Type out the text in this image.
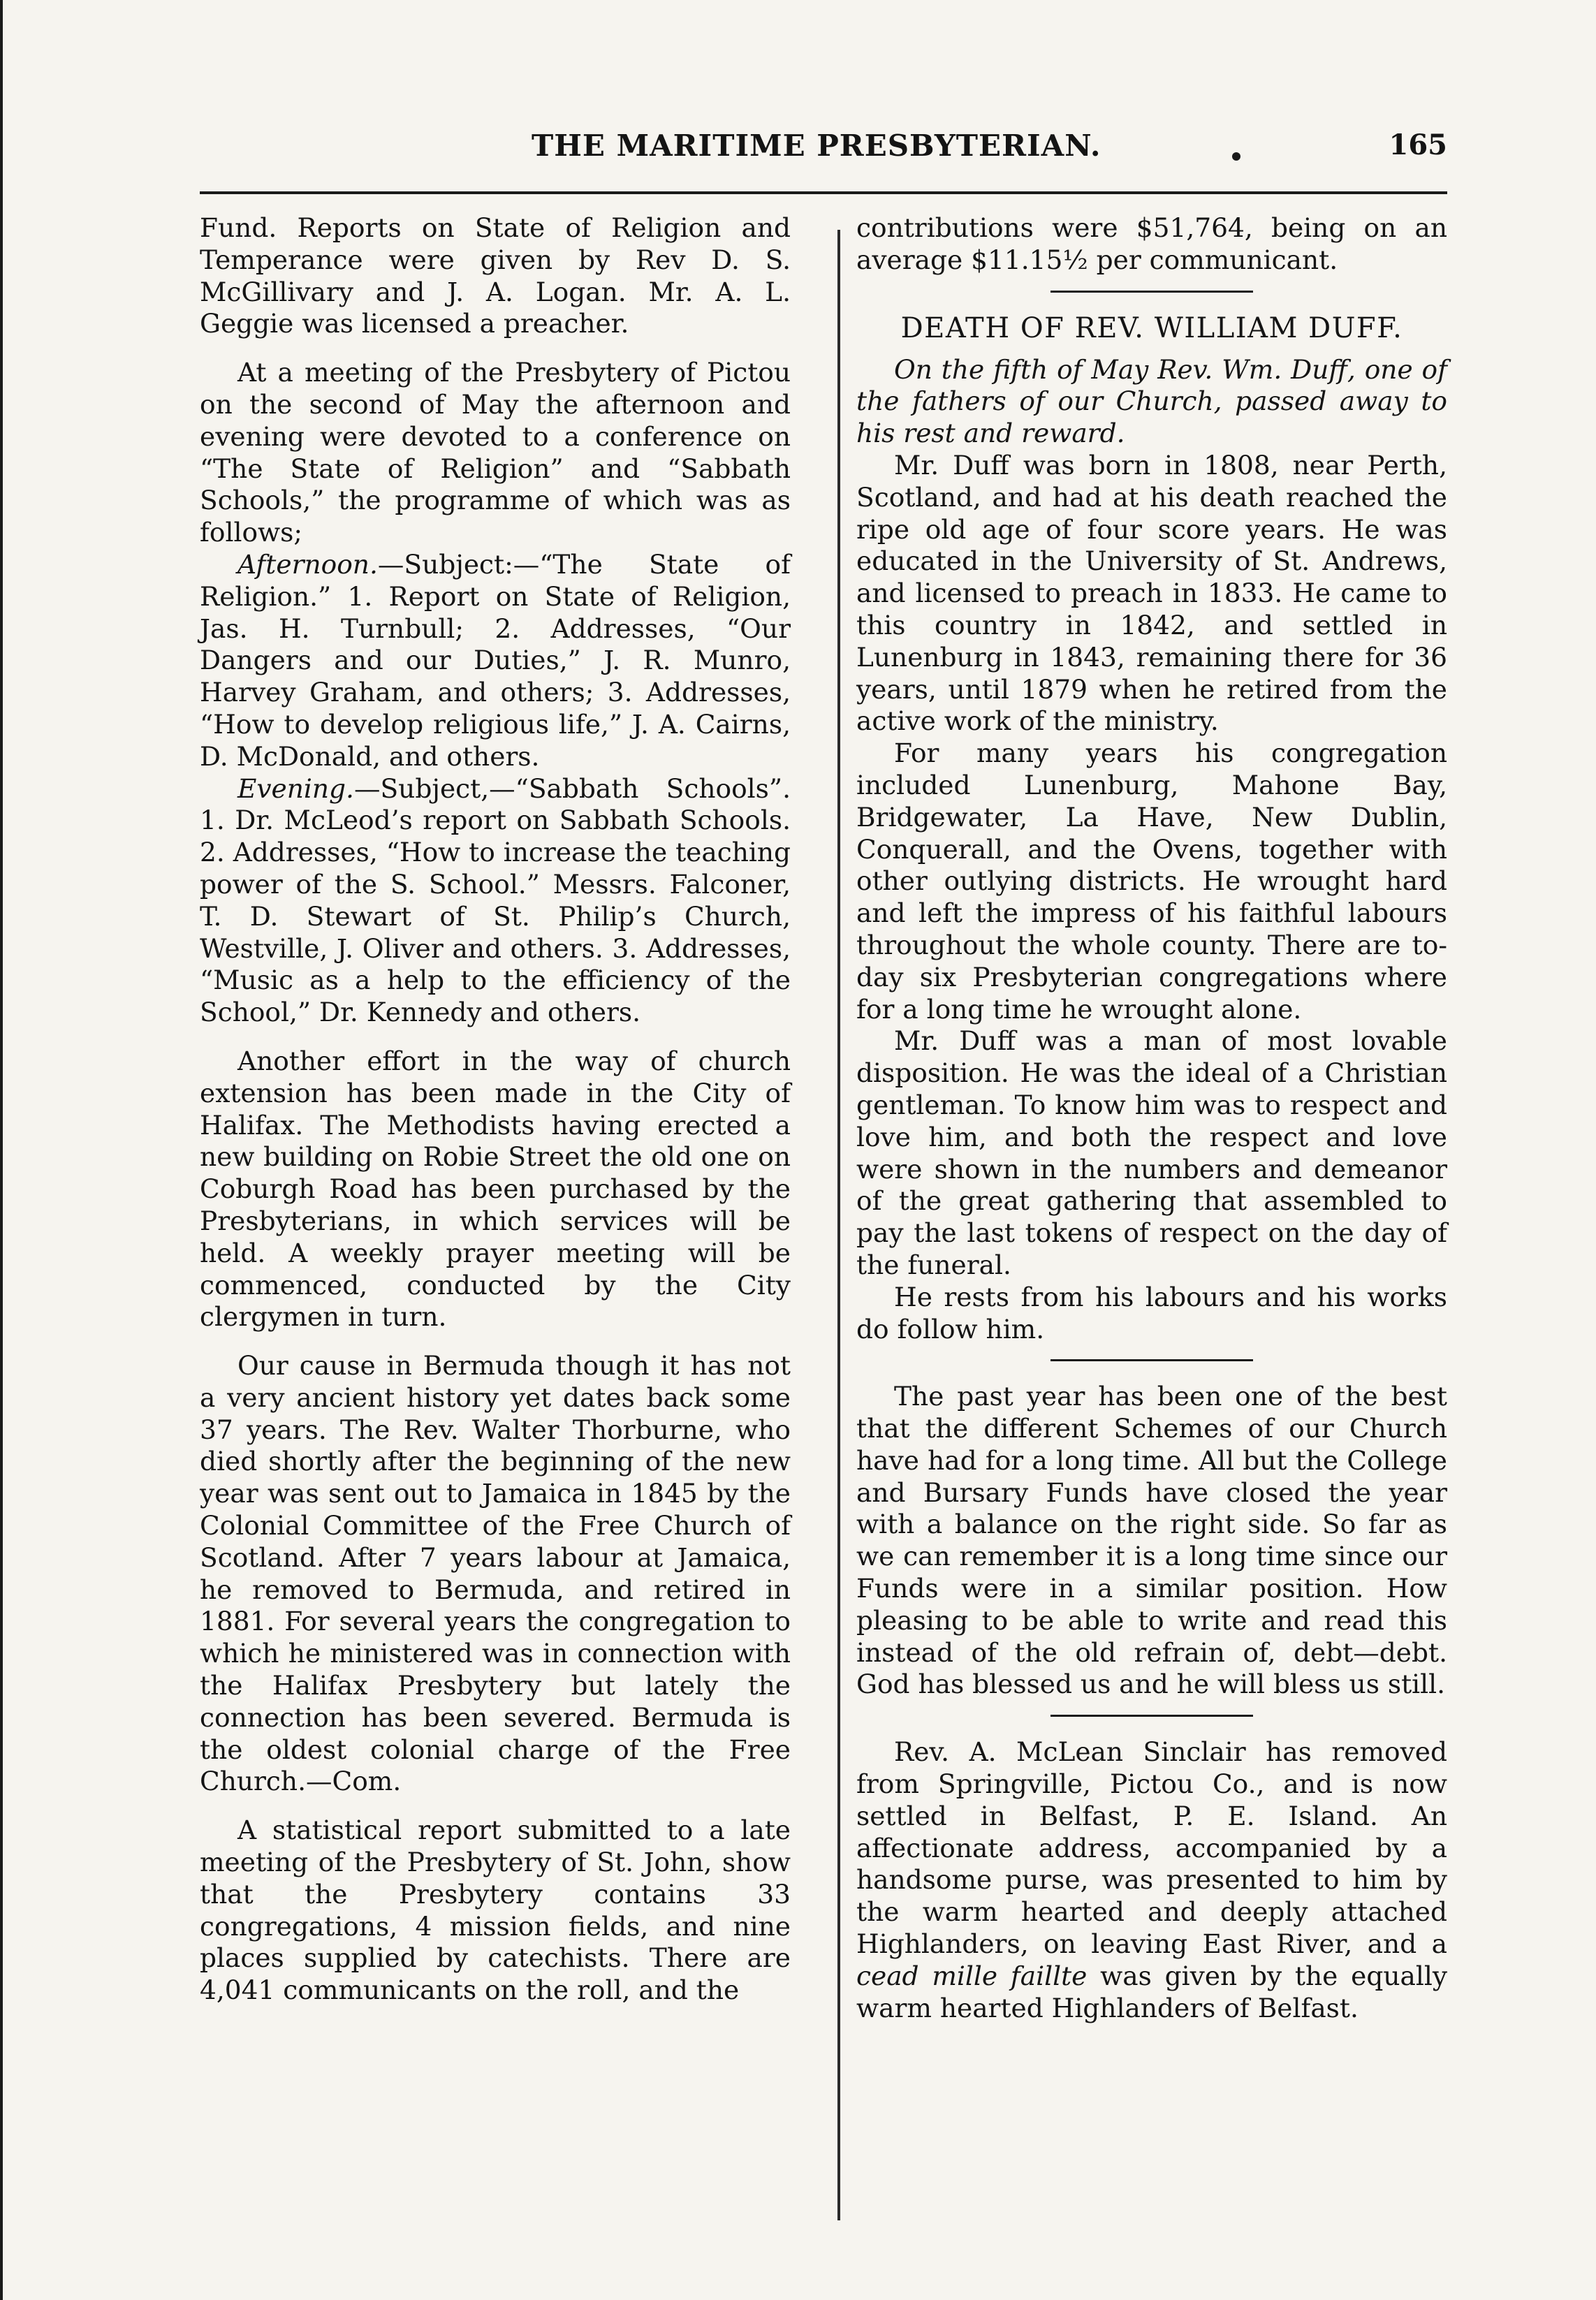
THE MARITIME PRESBYTERIAN.	165

Fund. Reports on State of Religion and Temperance were given by Rev D. S. McGillivary and J. A. Logan. Mr. A. L. Geggie was licensed a preacher.

At a meeting of the Presbytery of Pictou on the second of May the afternoon and evening were devoted to a conference on “The State of Religion” and “Sabbath Schools,” the programme of which was as follows;

Afternoon.—Subject:—“The State of Religion.” 1. Report on State of Religion, Jas. H. Turnbull; 2. Addresses, “Our Dangers and our Duties,” J. R. Munro, Harvey Graham, and others; 3. Addresses, “How to develop religious life,” J. A. Cairns, D. McDonald, and others.

Evening.—Subject,—“Sabbath Schools”. 1. Dr. McLeod’s report on Sabbath Schools. 2. Addresses, “How to increase the teaching power of the S. School.” Messrs. Falconer, T. D. Stewart of St. Philip’s Church, Westville, J. Oliver and others. 3. Addresses, “Music as a help to the efficiency of the School,” Dr. Kennedy and others.

Another effort in the way of church extension has been made in the City of Halifax. The Methodists having erected a new building on Robie Street the old one on Coburgh Road has been purchased by the Presbyterians, in which services will be held. A weekly prayer meeting will be commenced, conducted by the City clergymen in turn.

Our cause in Bermuda though it has not a very ancient history yet dates back some 37 years. The Rev. Walter Thorburne, who died shortly after the beginning of the new year was sent out to Jamaica in 1845 by the Colonial Committee of the Free Church of Scotland. After 7 years labour at Jamaica, he removed to Bermuda, and retired in 1881. For several years the congregation to which he ministered was in connection with the Halifax Presbytery but lately the connection has been severed. Bermuda is the oldest colonial charge of the Free Church.—Com.

A statistical report submitted to a late meeting of the Presbytery of St. John, show that the Presbytery contains 33 congregations, 4 mission fields, and nine places supplied by catechists. There are 4,041 communicants on the roll, and the

contributions were $51,764, being on an average $11.15½ per communicant.

DEATH OF REV. WILLIAM DUFF.

On the fifth of May Rev. Wm. Duff, one of the fathers of our Church, passed away to his rest and reward.

Mr. Duff was born in 1808, near Perth, Scotland, and had at his death reached the ripe old age of four score years. He was educated in the University of St. Andrews, and licensed to preach in 1833. He came to this country in 1842, and settled in Lunenburg in 1843, remaining there for 36 years, until 1879 when he retired from the active work of the ministry.

For many years his congregation included Lunenburg, Mahone Bay, Bridgewater, La Have, New Dublin, Conquerall, and the Ovens, together with other outlying districts. He wrought hard and left the impress of his faithful labours throughout the whole county. There are to-day six Presbyterian congregations where for a long time he wrought alone.

Mr. Duff was a man of most lovable disposition. He was the ideal of a Christian gentleman. To know him was to respect and love him, and both the respect and love were shown in the numbers and demeanor of the great gathering that assembled to pay the last tokens of respect on the day of the funeral.

He rests from his labours and his works do follow him.

The past year has been one of the best that the different Schemes of our Church have had for a long time. All but the College and Bursary Funds have closed the year with a balance on the right side. So far as we can remember it is a long time since our Funds were in a similar position. How pleasing to be able to write and read this instead of the old refrain of, debt—debt. God has blessed us and he will bless us still.

Rev. A. McLean Sinclair has removed from Springville, Pictou Co., and is now settled in Belfast, P. E. Island. An affectionate address, accompanied by a handsome purse, was presented to him by the warm hearted and deeply attached Highlanders, on leaving East River, and a cead mille faillte was given by the equally warm hearted Highlanders of Belfast.
